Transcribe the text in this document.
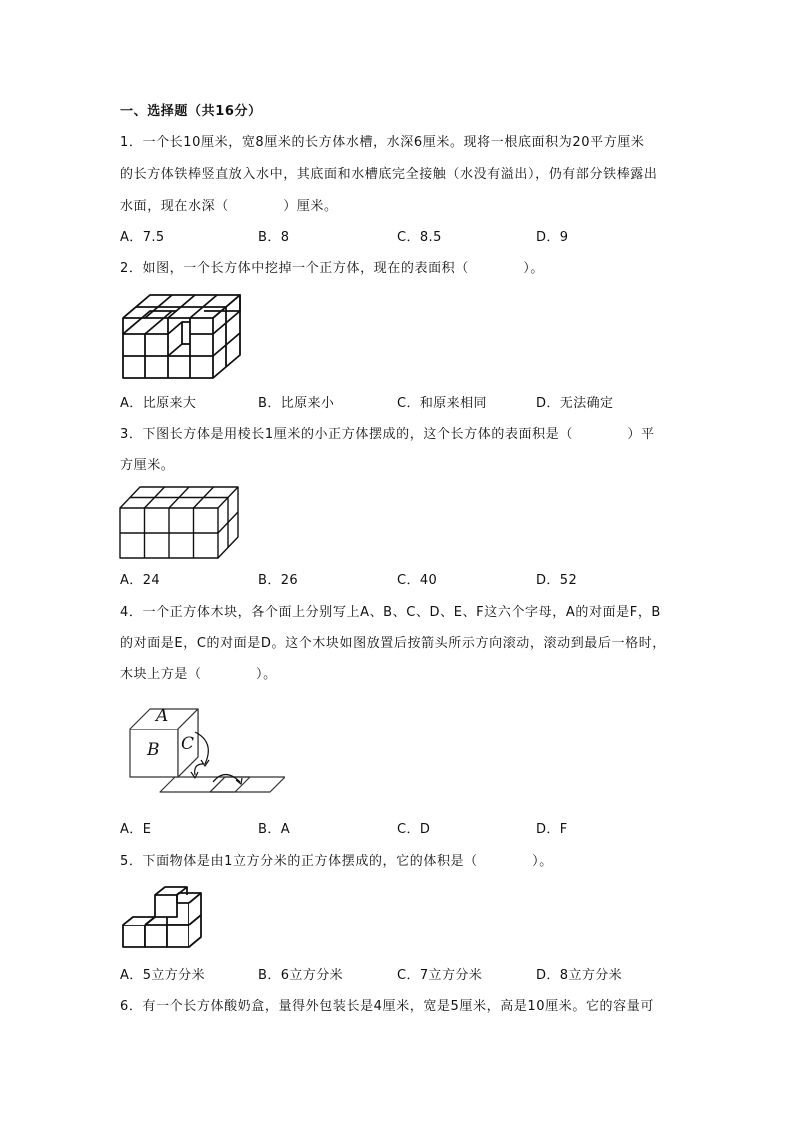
一、选择题（共16分）
1．一个长10厘米，宽8厘米的长方体水槽，水深6厘米。现将一根底面积为20平方厘米
的长方体铁棒竖直放入水中，其底面和水槽底完全接触（水没有溢出），仍有部分铁棒露出
水面，现在水深（　　　　）厘米。
A．7.5	B．8	C．8.5	D．9
2．如图，一个长方体中挖掉一个正方体，现在的表面积（　　　　）。
A．比原来大	B．比原来小	C．和原来相同	D．无法确定
3．下图长方体是用棱长1厘米的小正方体摆成的，这个长方体的表面积是（　　　　）平
方厘米。
A．24	B．26	C．40	D．52
4．一个正方体木块，各个面上分别写上A、B、C、D、E、F这六个字母，A的对面是F，B
的对面是E，C的对面是D。这个木块如图放置后按箭头所示方向滚动，滚动到最后一格时，
木块上方是（　　　　）。
A
B C
A．E	B．A	C．D	D．F
5．下面物体是由1立方分米的正方体摆成的，它的体积是（　　　　）。
A．5立方分米	B．6立方分米	C．7立方分米	D．8立方分米
6．有一个长方体酸奶盒，量得外包装长是4厘米，宽是5厘米，高是10厘米。它的容量可
